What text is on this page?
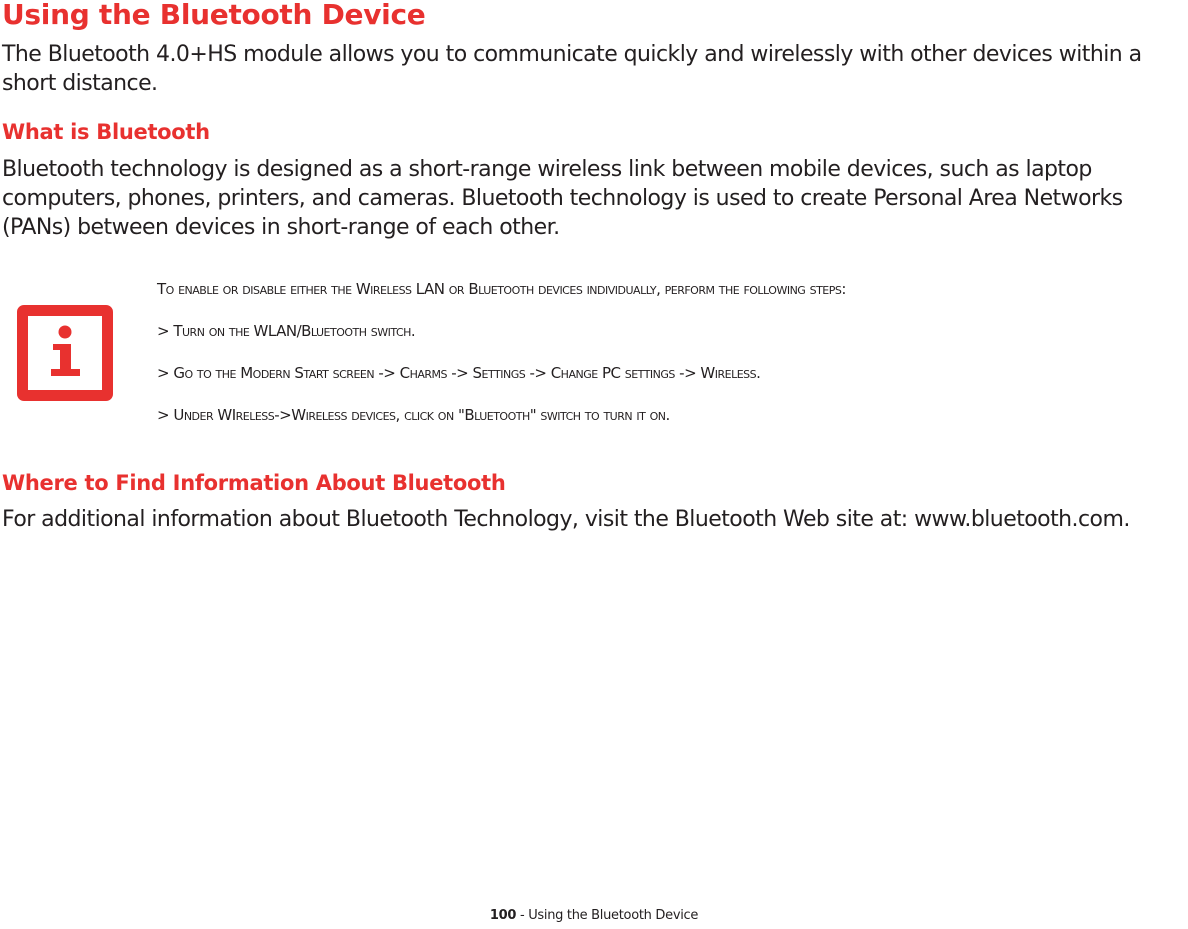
Using the Bluetooth Device

The Bluetooth 4.0+HS module allows you to communicate quickly and wirelessly with other devices within a short distance.

What is Bluetooth

Bluetooth technology is designed as a short-range wireless link between mobile devices, such as laptop computers, phones, printers, and cameras. Bluetooth technology is used to create Personal Area Networks (PANs) between devices in short-range of each other.

To enable or disable either the Wireless LAN or Bluetooth devices individually, perform the following steps:

> Turn on the WLAN/Bluetooth switch.

> Go to the Modern Start screen -> Charms -> Settings -> Change PC settings -> Wireless.

> Under WIreless->Wireless devices, click on "Bluetooth" switch to turn it on.

Where to Find Information About Bluetooth

For additional information about Bluetooth Technology, visit the Bluetooth Web site at: www.bluetooth.com.

100 - Using the Bluetooth Device
